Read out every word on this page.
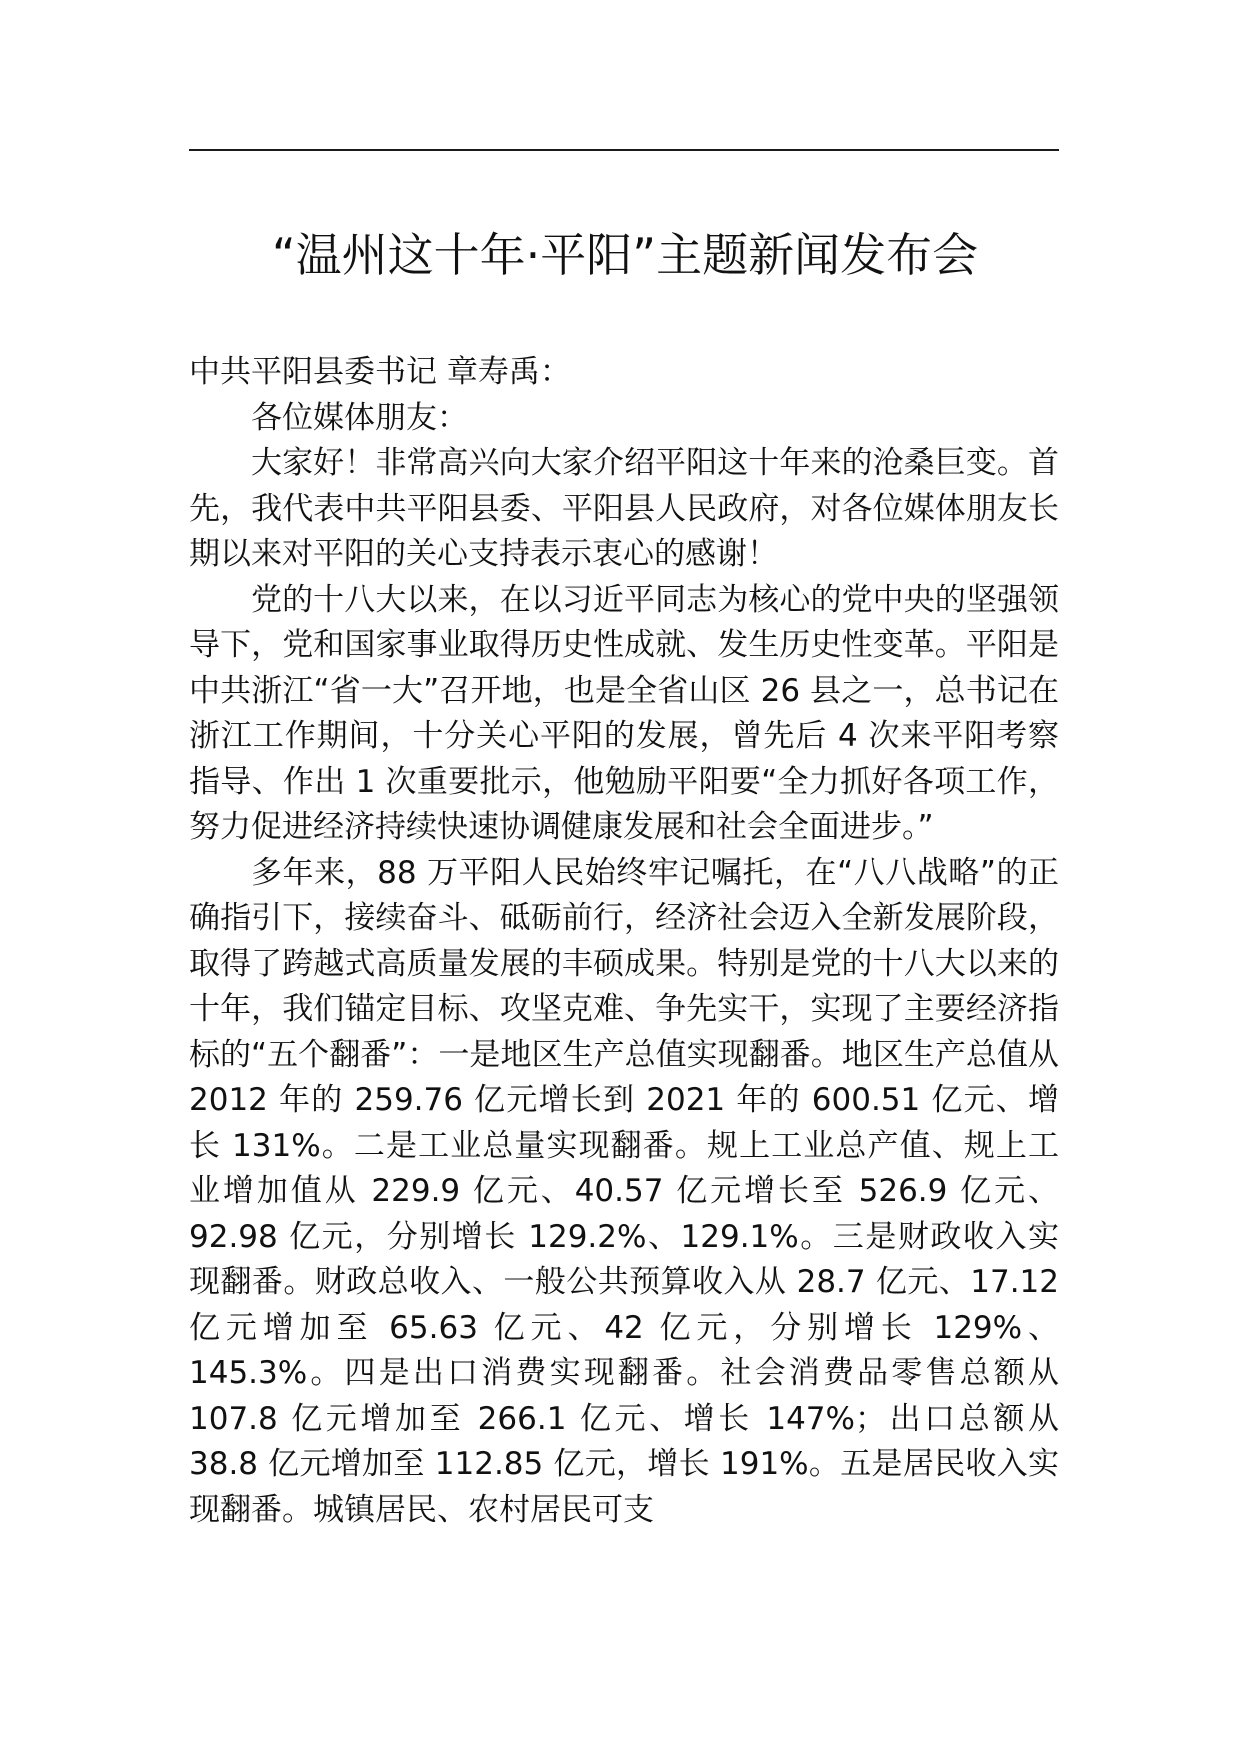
“温州这十年·平阳”主题新闻发布会

中共平阳县委书记 章寿禹：

各位媒体朋友：

大家好！非常高兴向大家介绍平阳这十年来的沧桑巨变。首先，我代表中共平阳县委、平阳县人民政府，对各位媒体朋友长期以来对平阳的关心支持表示衷心的感谢！

党的十八大以来，在以习近平同志为核心的党中央的坚强领导下，党和国家事业取得历史性成就、发生历史性变革。平阳是中共浙江“省一大”召开地，也是全省山区 26 县之一，总书记在浙江工作期间，十分关心平阳的发展，曾先后 4 次来平阳考察指导、作出 1 次重要批示，他勉励平阳要“全力抓好各项工作，努力促进经济持续快速协调健康发展和社会全面进步。”

多年来，88 万平阳人民始终牢记嘱托，在“八八战略”的正确指引下，接续奋斗、砥砺前行，经济社会迈入全新发展阶段，取得了跨越式高质量发展的丰硕成果。特别是党的十八大以来的十年，我们锚定目标、攻坚克难、争先实干，实现了主要经济指标的“五个翻番”：一是地区生产总值实现翻番。地区生产总值从 2012 年的 259.76 亿元增长到 2021 年的 600.51 亿元、增长 131%。二是工业总量实现翻番。规上工业总产值、规上工业增加值从 229.9 亿元、40.57 亿元增长至 526.9 亿元、92.98 亿元，分别增长 129.2%、129.1%。三是财政收入实现翻番。财政总收入、一般公共预算收入从 28.7 亿元、17.12 亿元增加至 65.63 亿元、42 亿元，分别增长 129%、145.3%。四是出口消费实现翻番。社会消费品零售总额从 107.8 亿元增加至 266.1 亿元、增长 147%；出口总额从 38.8 亿元增加至 112.85 亿元，增长 191%。五是居民收入实现翻番。城镇居民、农村居民可支
